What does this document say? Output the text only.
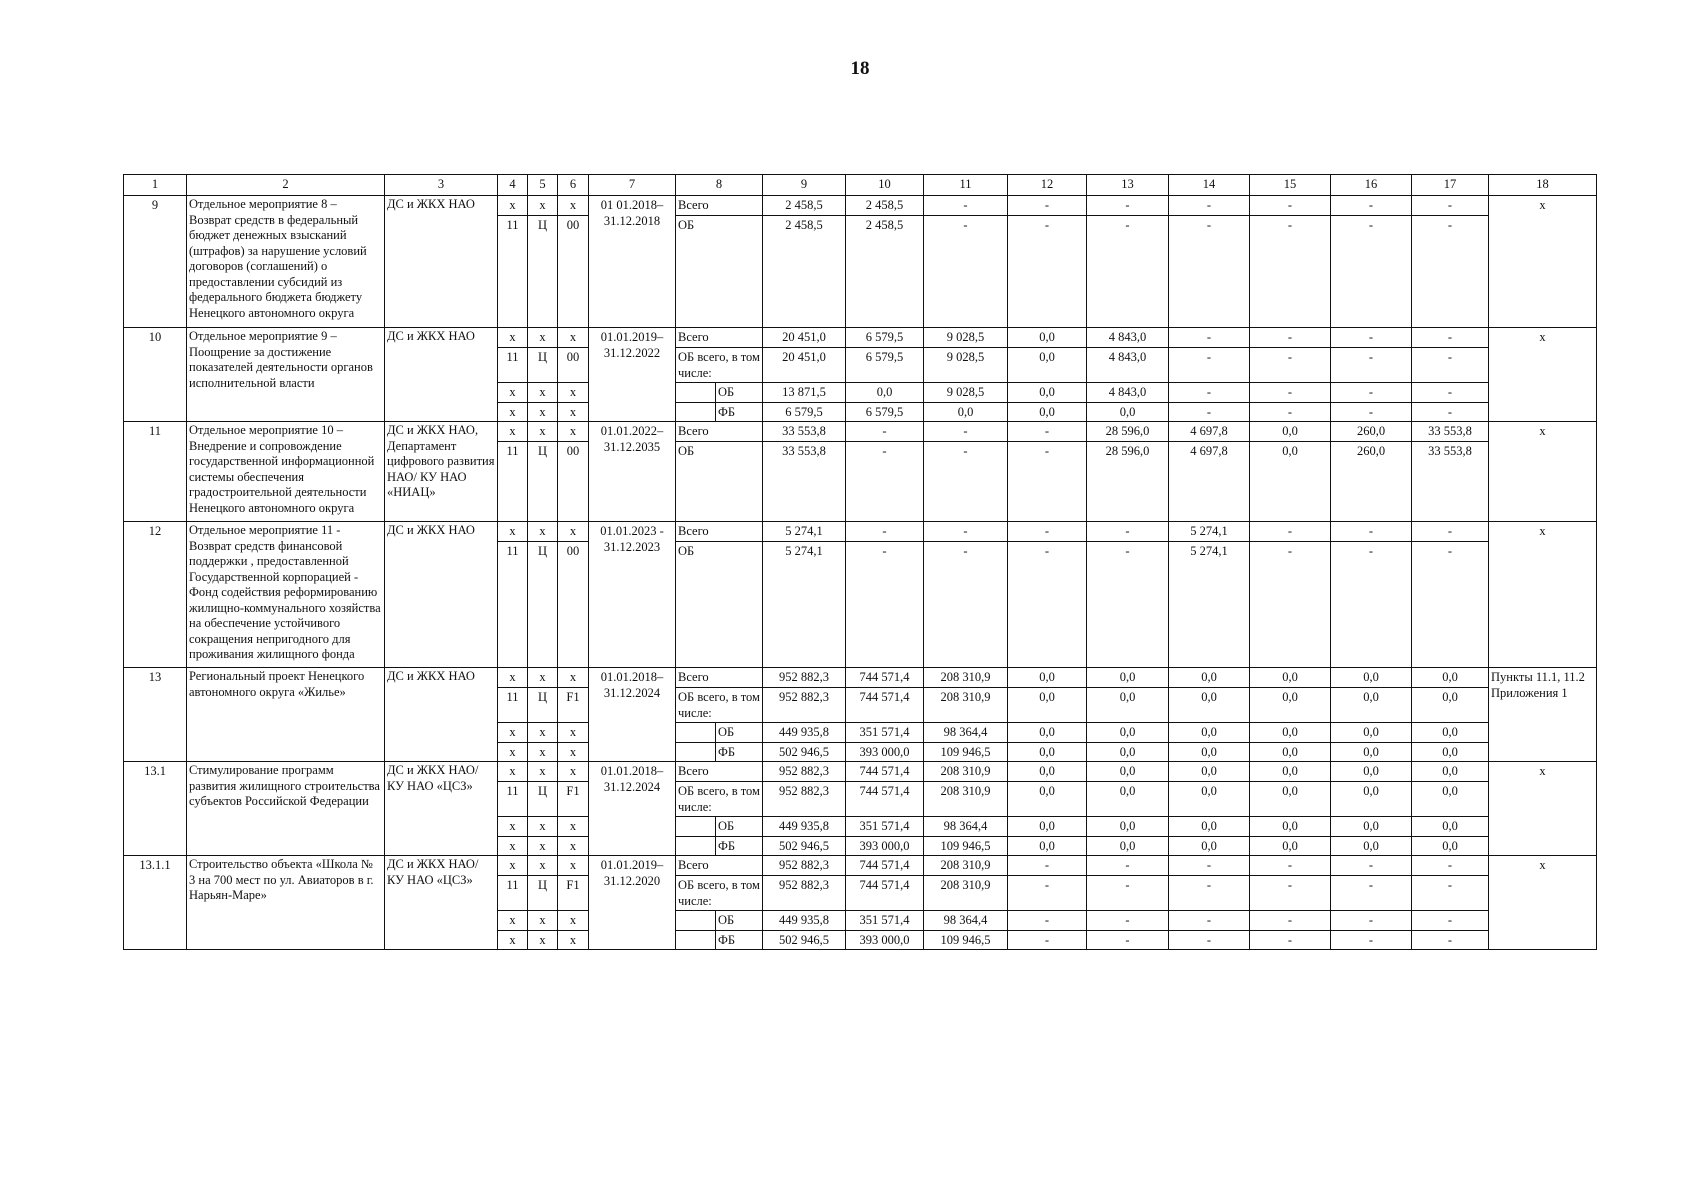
18
1	2	3	4	5	6	7	8		9	10	11	12	13	14	15	16	17	18
9	Отдельное мероприятие 8 – Возврат средств в федеральный бюджет денежных взысканий (штрафов) за нарушение условий договоров (соглашений) о предоставлении субсидий из федерального бюджета бюджету Ненецкого автономного округа	ДС и ЖКХ НАО	х	х	х	01 01.2018– 31.12.2018	Всего		2 458,5	2 458,5	-	-	-	-	-	-	-	х
			11	Ц	00		ОБ		2 458,5	2 458,5	-	-	-	-	-	-	-	
10	Отдельное мероприятие 9 – Поощрение за достижение показателей деятельности органов исполнительной власти	ДС и ЖКХ НАО	х	х	х	01.01.2019– 31.12.2022	Всего		20 451,0	6 579,5	9 028,5	0,0	4 843,0	-	-	-	-	х
			11	Ц	00		ОБ всего, в том числе:		20 451,0	6 579,5	9 028,5	0,0	4 843,0	-	-	-	-	
			х	х	х			ОБ	13 871,5	0,0	9 028,5	0,0	4 843,0	-	-	-	-	
			х	х	х			ФБ	6 579,5	6 579,5	0,0	0,0	0,0	-	-	-	-	
11	Отдельное мероприятие 10 – Внедрение и сопровождение государственной информационной системы обеспечения градостроительной деятельности Ненецкого автономного округа	ДС и ЖКХ НАО, Департамент цифрового развития НАО/ КУ НАО «НИАЦ»	х	х	х	01.01.2022– 31.12.2035	Всего		33 553,8	-	-	-	28 596,0	4 697,8	0,0	260,0	33 553,8	х
			11	Ц	00		ОБ		33 553,8	-	-	-	28 596,0	4 697,8	0,0	260,0	33 553,8	
12	Отдельное мероприятие 11 - Возврат средств финансовой поддержки , предоставленной Государственной корпорацией - Фонд содействия реформированию жилищно-коммунального хозяйства на обеспечение устойчивого сокращения непригодного для проживания жилищного фонда	ДС и ЖКХ НАО	х	х	х	01.01.2023 - 31.12.2023	Всего		5 274,1	-	-	-	-	5 274,1	-	-	-	х
			11	Ц	00		ОБ		5 274,1	-	-	-	-	5 274,1	-	-	-	
13	Региональный проект Ненецкого автономного округа «Жилье»	ДС и ЖКХ НАО	х	х	х	01.01.2018– 31.12.2024	Всего		952 882,3	744 571,4	208 310,9	0,0	0,0	0,0	0,0	0,0	0,0	Пункты 11.1, 11.2 Приложения 1
			11	Ц	F1		ОБ всего, в том числе:		952 882,3	744 571,4	208 310,9	0,0	0,0	0,0	0,0	0,0	0,0	
			х	х	х			ОБ	449 935,8	351 571,4	98 364,4	0,0	0,0	0,0	0,0	0,0	0,0	
			х	х	х			ФБ	502 946,5	393 000,0	109 946,5	0,0	0,0	0,0	0,0	0,0	0,0	
13.1	Стимулирование программ развития жилищного строительства субъектов Российской Федерации	ДС и ЖКХ НАО/ КУ НАО «ЦСЗ»	х	х	х	01.01.2018– 31.12.2024	Всего		952 882,3	744 571,4	208 310,9	0,0	0,0	0,0	0,0	0,0	0,0	х
			11	Ц	F1		ОБ всего, в том числе:		952 882,3	744 571,4	208 310,9	0,0	0,0	0,0	0,0	0,0	0,0	
			х	х	х			ОБ	449 935,8	351 571,4	98 364,4	0,0	0,0	0,0	0,0	0,0	0,0	
			х	х	х			ФБ	502 946,5	393 000,0	109 946,5	0,0	0,0	0,0	0,0	0,0	0,0	
13.1.1	Строительство объекта «Школа № 3 на 700 мест по ул. Авиаторов в г. Нарьян-Маре»	ДС и ЖКХ НАО/ КУ НАО «ЦСЗ»	х	х	х	01.01.2019– 31.12.2020	Всего		952 882,3	744 571,4	208 310,9	-	-	-	-	-	-	х
			11	Ц	F1		ОБ всего, в том числе:		952 882,3	744 571,4	208 310,9	-	-	-	-	-	-	
			х	х	х			ОБ	449 935,8	351 571,4	98 364,4	-	-	-	-	-	-	
			х	х	х			ФБ	502 946,5	393 000,0	109 946,5	-	-	-	-	-	-	
